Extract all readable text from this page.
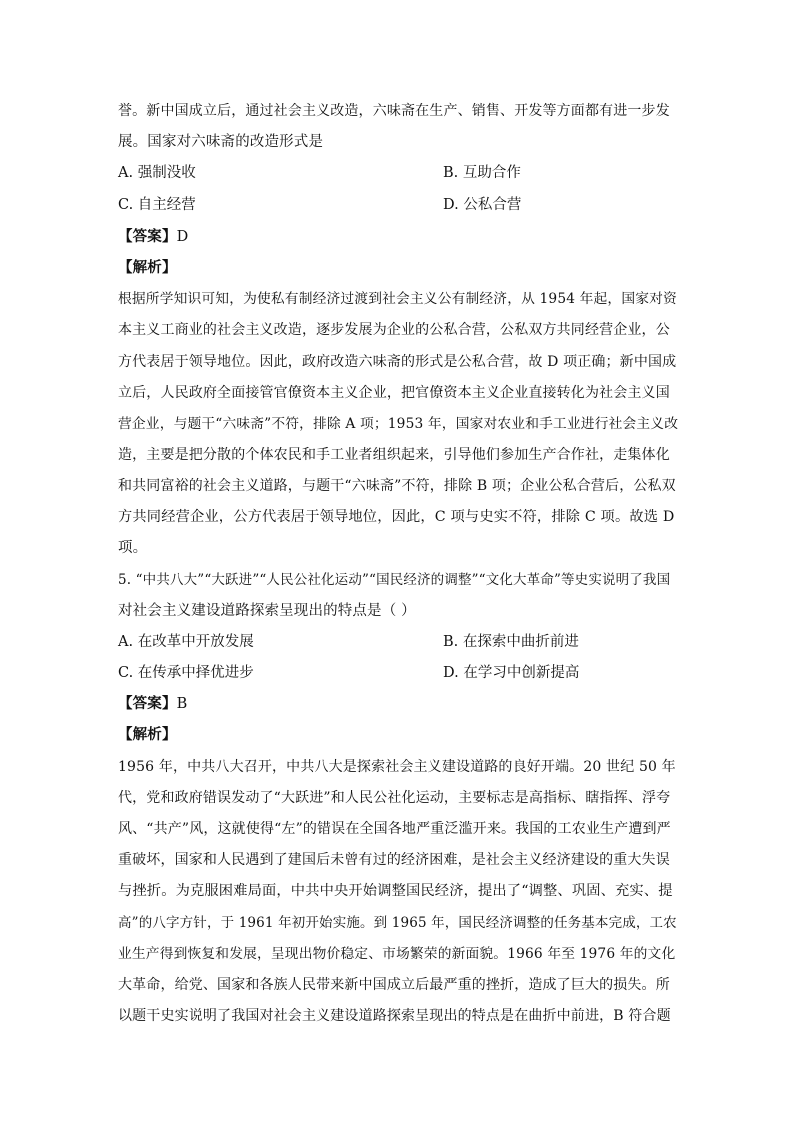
誉。新中国成立后，通过社会主义改造，六味斋在生产、销售、开发等方面都有进一步发
展。国家对六味斋的改造形式是
A. 强制没收	B. 互助合作
C. 自主经营	D. 公私合营
【答案】D
【解析】
根据所学知识可知，为使私有制经济过渡到社会主义公有制经济，从 1954 年起，国家对资
本主义工商业的社会主义改造，逐步发展为企业的公私合营，公私双方共同经营企业，公
方代表居于领导地位。因此，政府改造六味斋的形式是公私合营，故 D 项正确；新中国成
立后，人民政府全面接管官僚资本主义企业，把官僚资本主义企业直接转化为社会主义国
营企业，与题干“六味斋”不符，排除 A 项；1953 年，国家对农业和手工业进行社会主义改
造，主要是把分散的个体农民和手工业者组织起来，引导他们参加生产合作社，走集体化
和共同富裕的社会主义道路，与题干“六味斋”不符，排除 B 项；企业公私合营后，公私双
方共同经营企业，公方代表居于领导地位，因此，C 项与史实不符，排除 C 项。故选 D
项。
5. “中共八大”“大跃进”“人民公社化运动”“国民经济的调整”“文化大革命”等史实说明了我国
对社会主义建设道路探索呈现出的特点是（ ）
A. 在改革中开放发展	B. 在探索中曲折前进
C. 在传承中择优进步	D. 在学习中创新提高
【答案】B
【解析】
1956 年，中共八大召开，中共八大是探索社会主义建设道路的良好开端。20 世纪 50 年
代，党和政府错误发动了“大跃进”和人民公社化运动，主要标志是高指标、瞎指挥、浮夸
风、“共产”风，这就使得“左”的错误在全国各地严重泛滥开来。我国的工农业生产遭到严
重破坏，国家和人民遇到了建国后未曾有过的经济困难，是社会主义经济建设的重大失误
与挫折。为克服困难局面，中共中央开始调整国民经济，提出了“调整、巩固、充实、提
高”的八字方针，于 1961 年初开始实施。到 1965 年，国民经济调整的任务基本完成，工农
业生产得到恢复和发展，呈现出物价稳定、市场繁荣的新面貌。1966 年至 1976 年的文化
大革命，给党、国家和各族人民带来新中国成立后最严重的挫折，造成了巨大的损失。所
以题干史实说明了我国对社会主义建设道路探索呈现出的特点是在曲折中前进，B 符合题
